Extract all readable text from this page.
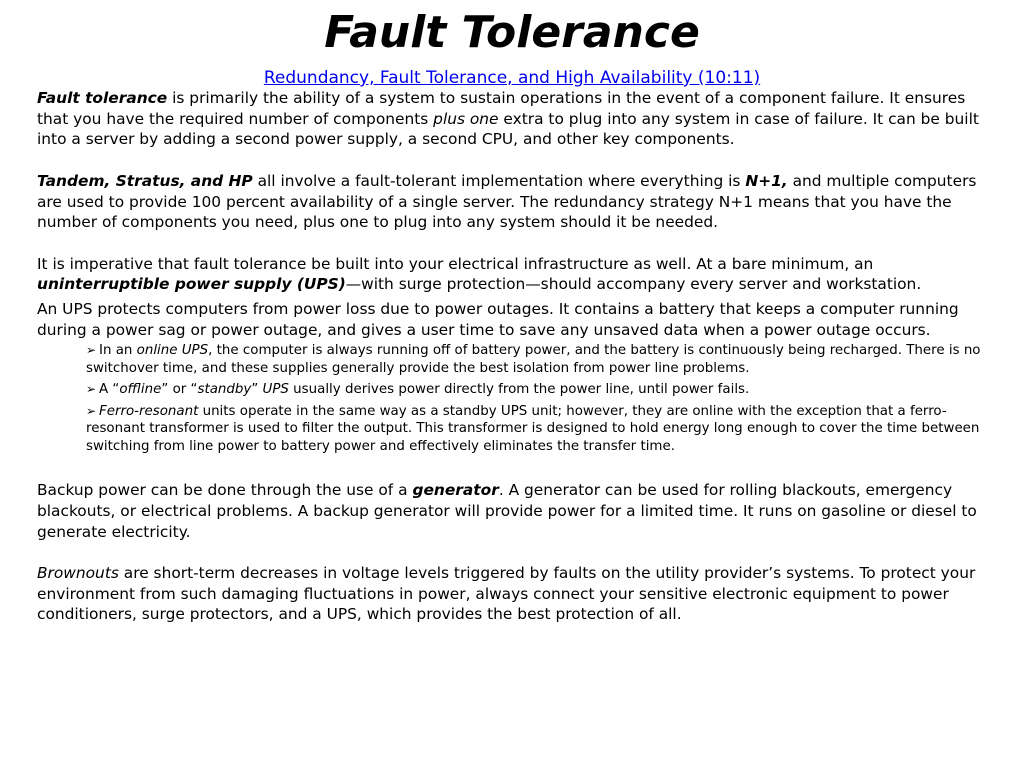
Fault Tolerance
Redundancy, Fault Tolerance, and High Availability (10:11)

Fault tolerance is primarily the ability of a system to sustain operations in the event of a component failure. It ensures that you have the required number of components plus one extra to plug into any system in case of failure. It can be built into a server by adding a second power supply, a second CPU, and other key components.

Tandem, Stratus, and HP all involve a fault-tolerant implementation where everything is N+1, and multiple computers are used to provide 100 percent availability of a single server. The redundancy strategy N+1 means that you have the number of components you need, plus one to plug into any system should it be needed.

It is imperative that fault tolerance be built into your electrical infrastructure as well. At a bare minimum, an uninterruptible power supply (UPS)—with surge protection—should accompany every server and workstation.

An UPS protects computers from power loss due to power outages. It contains a battery that keeps a computer running during a power sag or power outage, and gives a user time to save any unsaved data when a power outage occurs.

➢ In an online UPS, the computer is always running off of battery power, and the battery is continuously being recharged. There is no switchover time, and these supplies generally provide the best isolation from power line problems.
➢ A “offline” or “standby” UPS usually derives power directly from the power line, until power fails.
➢ Ferro-resonant units operate in the same way as a standby UPS unit; however, they are online with the exception that a ferro-resonant transformer is used to filter the output. This transformer is designed to hold energy long enough to cover the time between switching from line power to battery power and effectively eliminates the transfer time.

Backup power can be done through the use of a generator. A generator can be used for rolling blackouts, emergency blackouts, or electrical problems. A backup generator will provide power for a limited time. It runs on gasoline or diesel to generate electricity.

Brownouts are short-term decreases in voltage levels triggered by faults on the utility provider’s systems. To protect your environment from such damaging fluctuations in power, always connect your sensitive electronic equipment to power conditioners, surge protectors, and a UPS, which provides the best protection of all.
